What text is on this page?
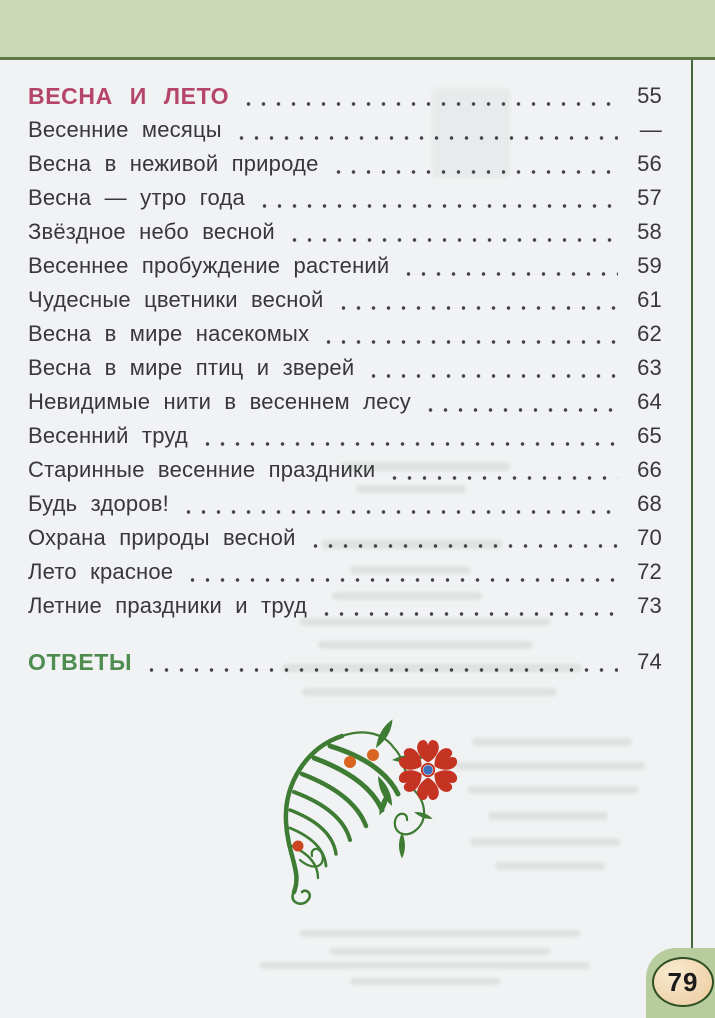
ВЕСНА И ЛЕТО	55
Весенние месяцы	—
Весна в неживой природе	56
Весна — утро года	57
Звёздное небо весной	58
Весеннее пробуждение растений	59
Чудесные цветники весной	61
Весна в мире насекомых	62
Весна в мире птиц и зверей	63
Невидимые нити в весеннем лесу	64
Весенний труд	65
Старинные весенние праздники	66
Будь здоров!	68
Охрана природы весной	70
Лето красное	72
Летние праздники и труд	73
ОТВЕТЫ	74
79
